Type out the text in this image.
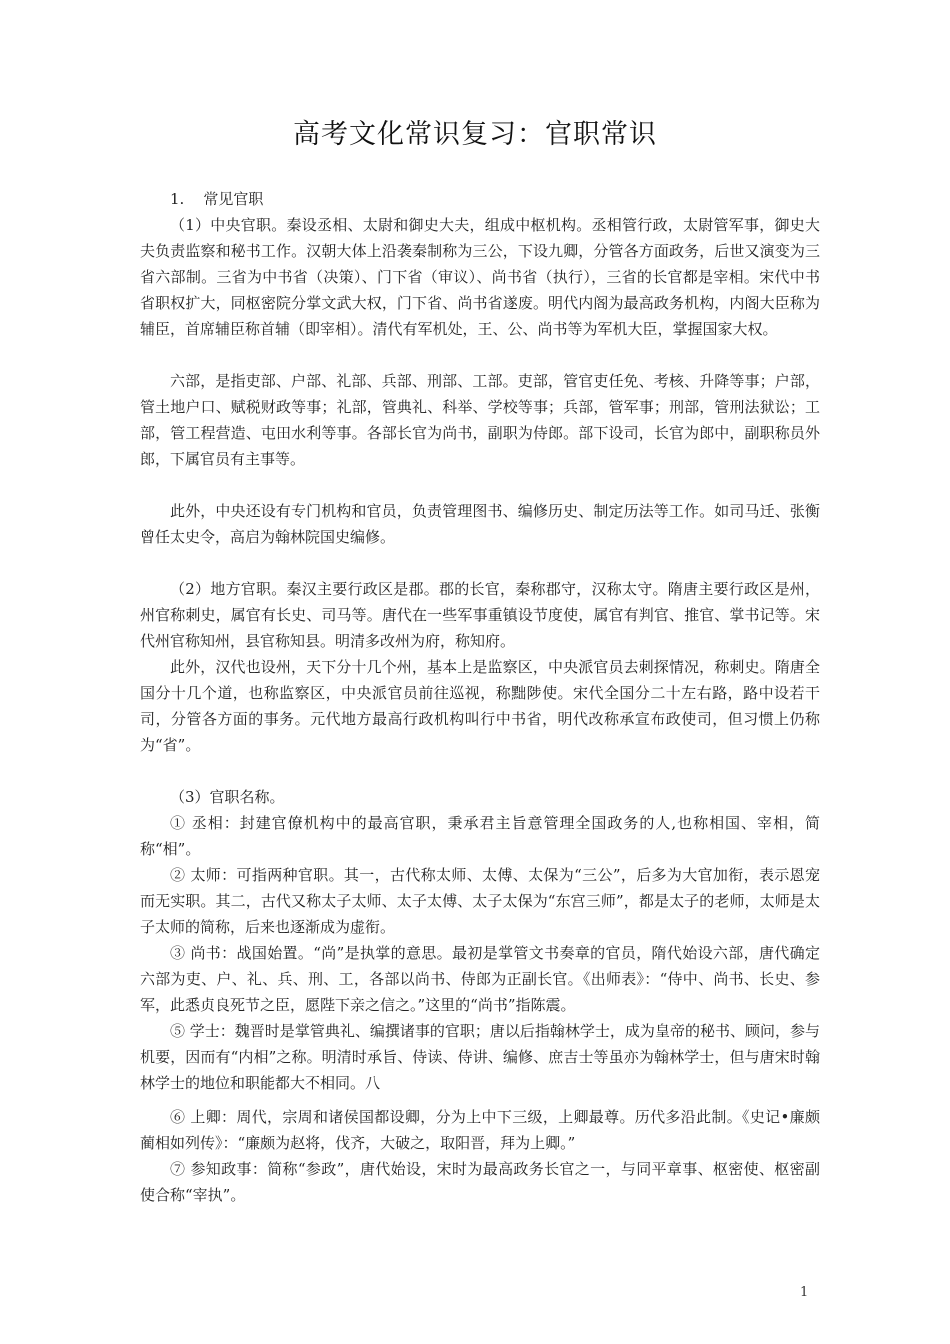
高考文化常识复习：官职常识

1.    常见官职

（1）中央官职。秦设丞相、太尉和御史大夫，组成中枢机构。丞相管行政，太尉管军事，御史大夫负责监察和秘书工作。汉朝大体上沿袭秦制称为三公，下设九卿，分管各方面政务，后世又演变为三省六部制。三省为中书省（决策）、门下省（审议）、尚书省（执行），三省的长官都是宰相。宋代中书省职权扩大，同枢密院分掌文武大权，门下省、尚书省遂废。明代内阁为最高政务机构，内阁大臣称为辅臣，首席辅臣称首辅（即宰相）。清代有军机处，王、公、尚书等为军机大臣，掌握国家大权。

六部，是指吏部、户部、礼部、兵部、刑部、工部。吏部，管官吏任免、考核、升降等事；户部，管土地户口、赋税财政等事；礼部，管典礼、科举、学校等事；兵部，管军事；刑部，管刑法狱讼；工部，管工程营造、屯田水利等事。各部长官为尚书，副职为侍郎。部下设司，长官为郎中，副职称员外郎，下属官员有主事等。

此外，中央还设有专门机构和官员，负责管理图书、编修历史、制定历法等工作。如司马迁、张衡曾任太史令，高启为翰林院国史编修。

（2）地方官职。秦汉主要行政区是郡。郡的长官，秦称郡守，汉称太守。隋唐主要行政区是州，州官称刺史，属官有长史、司马等。唐代在一些军事重镇设节度使，属官有判官、推官、掌书记等。宋代州官称知州，县官称知县。明清多改州为府，称知府。

此外，汉代也设州，天下分十几个州，基本上是监察区，中央派官员去刺探情况，称刺史。隋唐全国分十几个道，也称监察区，中央派官员前往巡视，称黜陟使。宋代全国分二十左右路，路中设若干司，分管各方面的事务。元代地方最高行政机构叫行中书省，明代改称承宣布政使司，但习惯上仍称为“省”。

（3）官职名称。

① 丞相：封建官僚机构中的最高官职，秉承君主旨意管理全国政务的人,也称相国、宰相，简称“相”。

② 太师：可指两种官职。其一，古代称太师、太傅、太保为“三公”，后多为大官加衔，表示恩宠而无实职。其二，古代又称太子太师、太子太傅、太子太保为“东宫三师”，都是太子的老师，太师是太子太师的简称，后来也逐渐成为虚衔。

③ 尚书：战国始置。“尚”是执掌的意思。最初是掌管文书奏章的官员，隋代始设六部，唐代确定六部为吏、户、礼、兵、刑、工，各部以尚书、侍郎为正副长官。《出师表》：“侍中、尚书、长史、参军，此悉贞良死节之臣，愿陛下亲之信之。”这里的“尚书”指陈震。

⑤ 学士：魏晋时是掌管典礼、编撰诸事的官职；唐以后指翰林学士，成为皇帝的秘书、顾问，参与机要，因而有“内相”之称。明清时承旨、侍读、侍讲、编修、庶吉士等虽亦为翰林学士，但与唐宋时翰林学士的地位和职能都大不相同。八

⑥ 上卿：周代，宗周和诸侯国都设卿，分为上中下三级，上卿最尊。历代多沿此制。《史记•廉颇蔺相如列传》：“廉颇为赵将，伐齐，大破之，取阳晋，拜为上卿。”

⑦ 参知政事：简称“参政”，唐代始设，宋时为最高政务长官之一，与同平章事、枢密使、枢密副使合称“宰执”。

1
